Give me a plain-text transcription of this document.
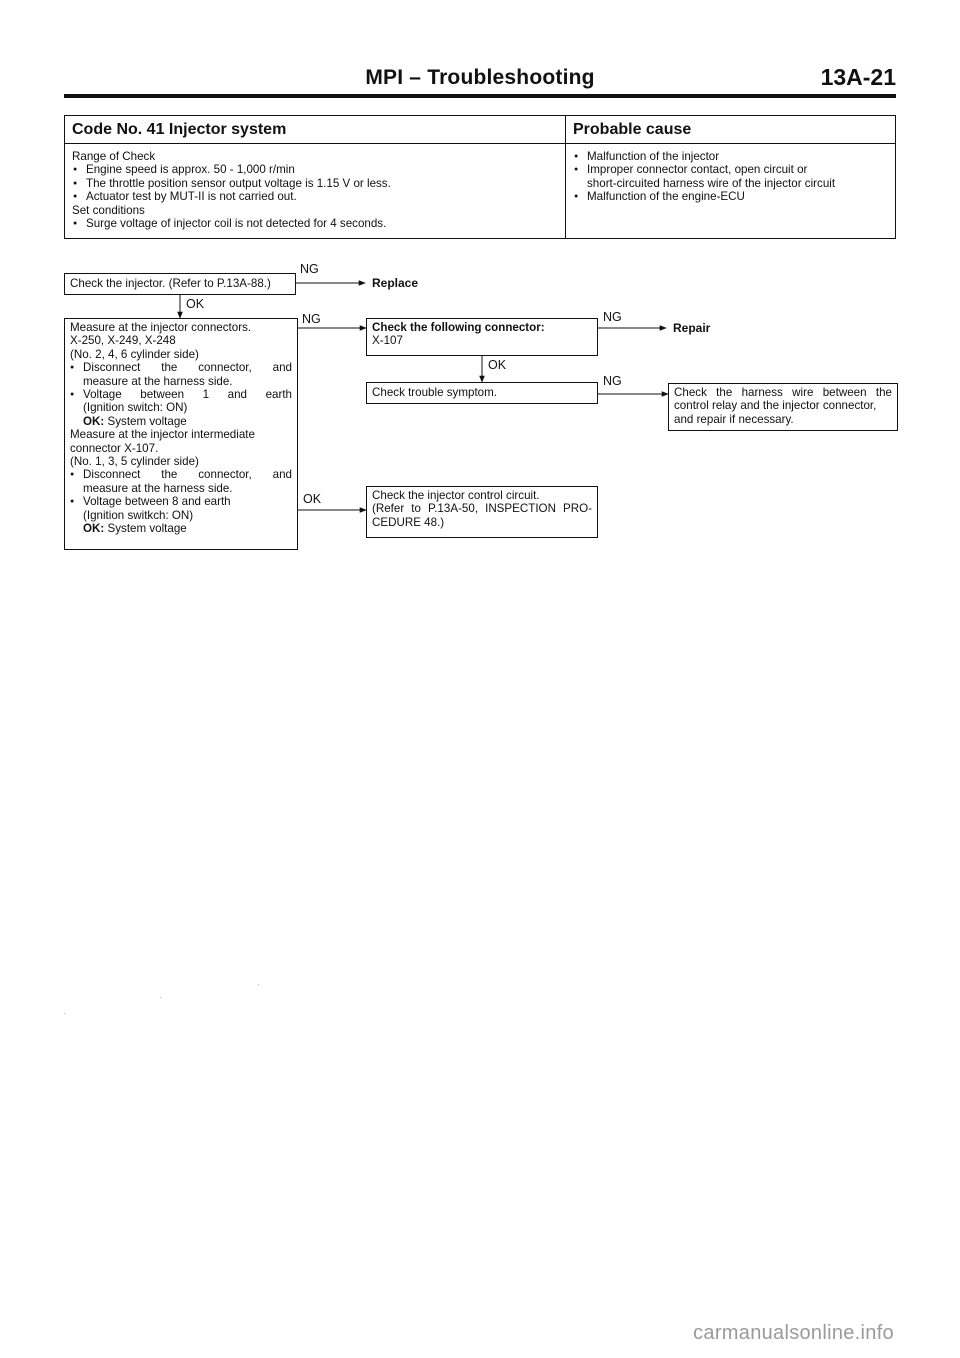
MPI – Troubleshooting	13A-21
Code No. 41 Injector system	Probable cause
Range of Check
● Engine speed is approx. 50 - 1,000 r/min
● The throttle position sensor output voltage is 1.15 V or less.
● Actuator test by MUT-II is not carried out.
Set conditions
● Surge voltage of injector coil is not detected for 4 seconds.
● Malfunction of the injector
● Improper connector contact, open circuit or
short-circuited harness wire of the injector circuit
● Malfunction of the engine-ECU
Check the injector. (Refer to P.13A-88.)
NG
Replace
OK
Measure at the injector connectors.
X-250, X-249, X-248
(No. 2, 4, 6 cylinder side)
● Disconnect the connector, and
measure at the harness side.
● Voltage between 1 and earth
(Ignition switch: ON)
OK: System voltage
Measure at the injector intermediate
connector X-107.
(No. 1, 3, 5 cylinder side)
● Disconnect the connector, and
measure at the harness side.
● Voltage between 8 and earth
(Ignition switkch: ON)
OK: System voltage
NG
OK
Check the following connector:
X-107
NG
Repair
OK
Check trouble symptom.
NG
Check the harness wire between the
control relay and the injector connector,
and repair if necessary.
Check the injector control circuit.
(Refer to P.13A-50, INSPECTION PRO-
CEDURE 48.)
carmanualsonline.info
